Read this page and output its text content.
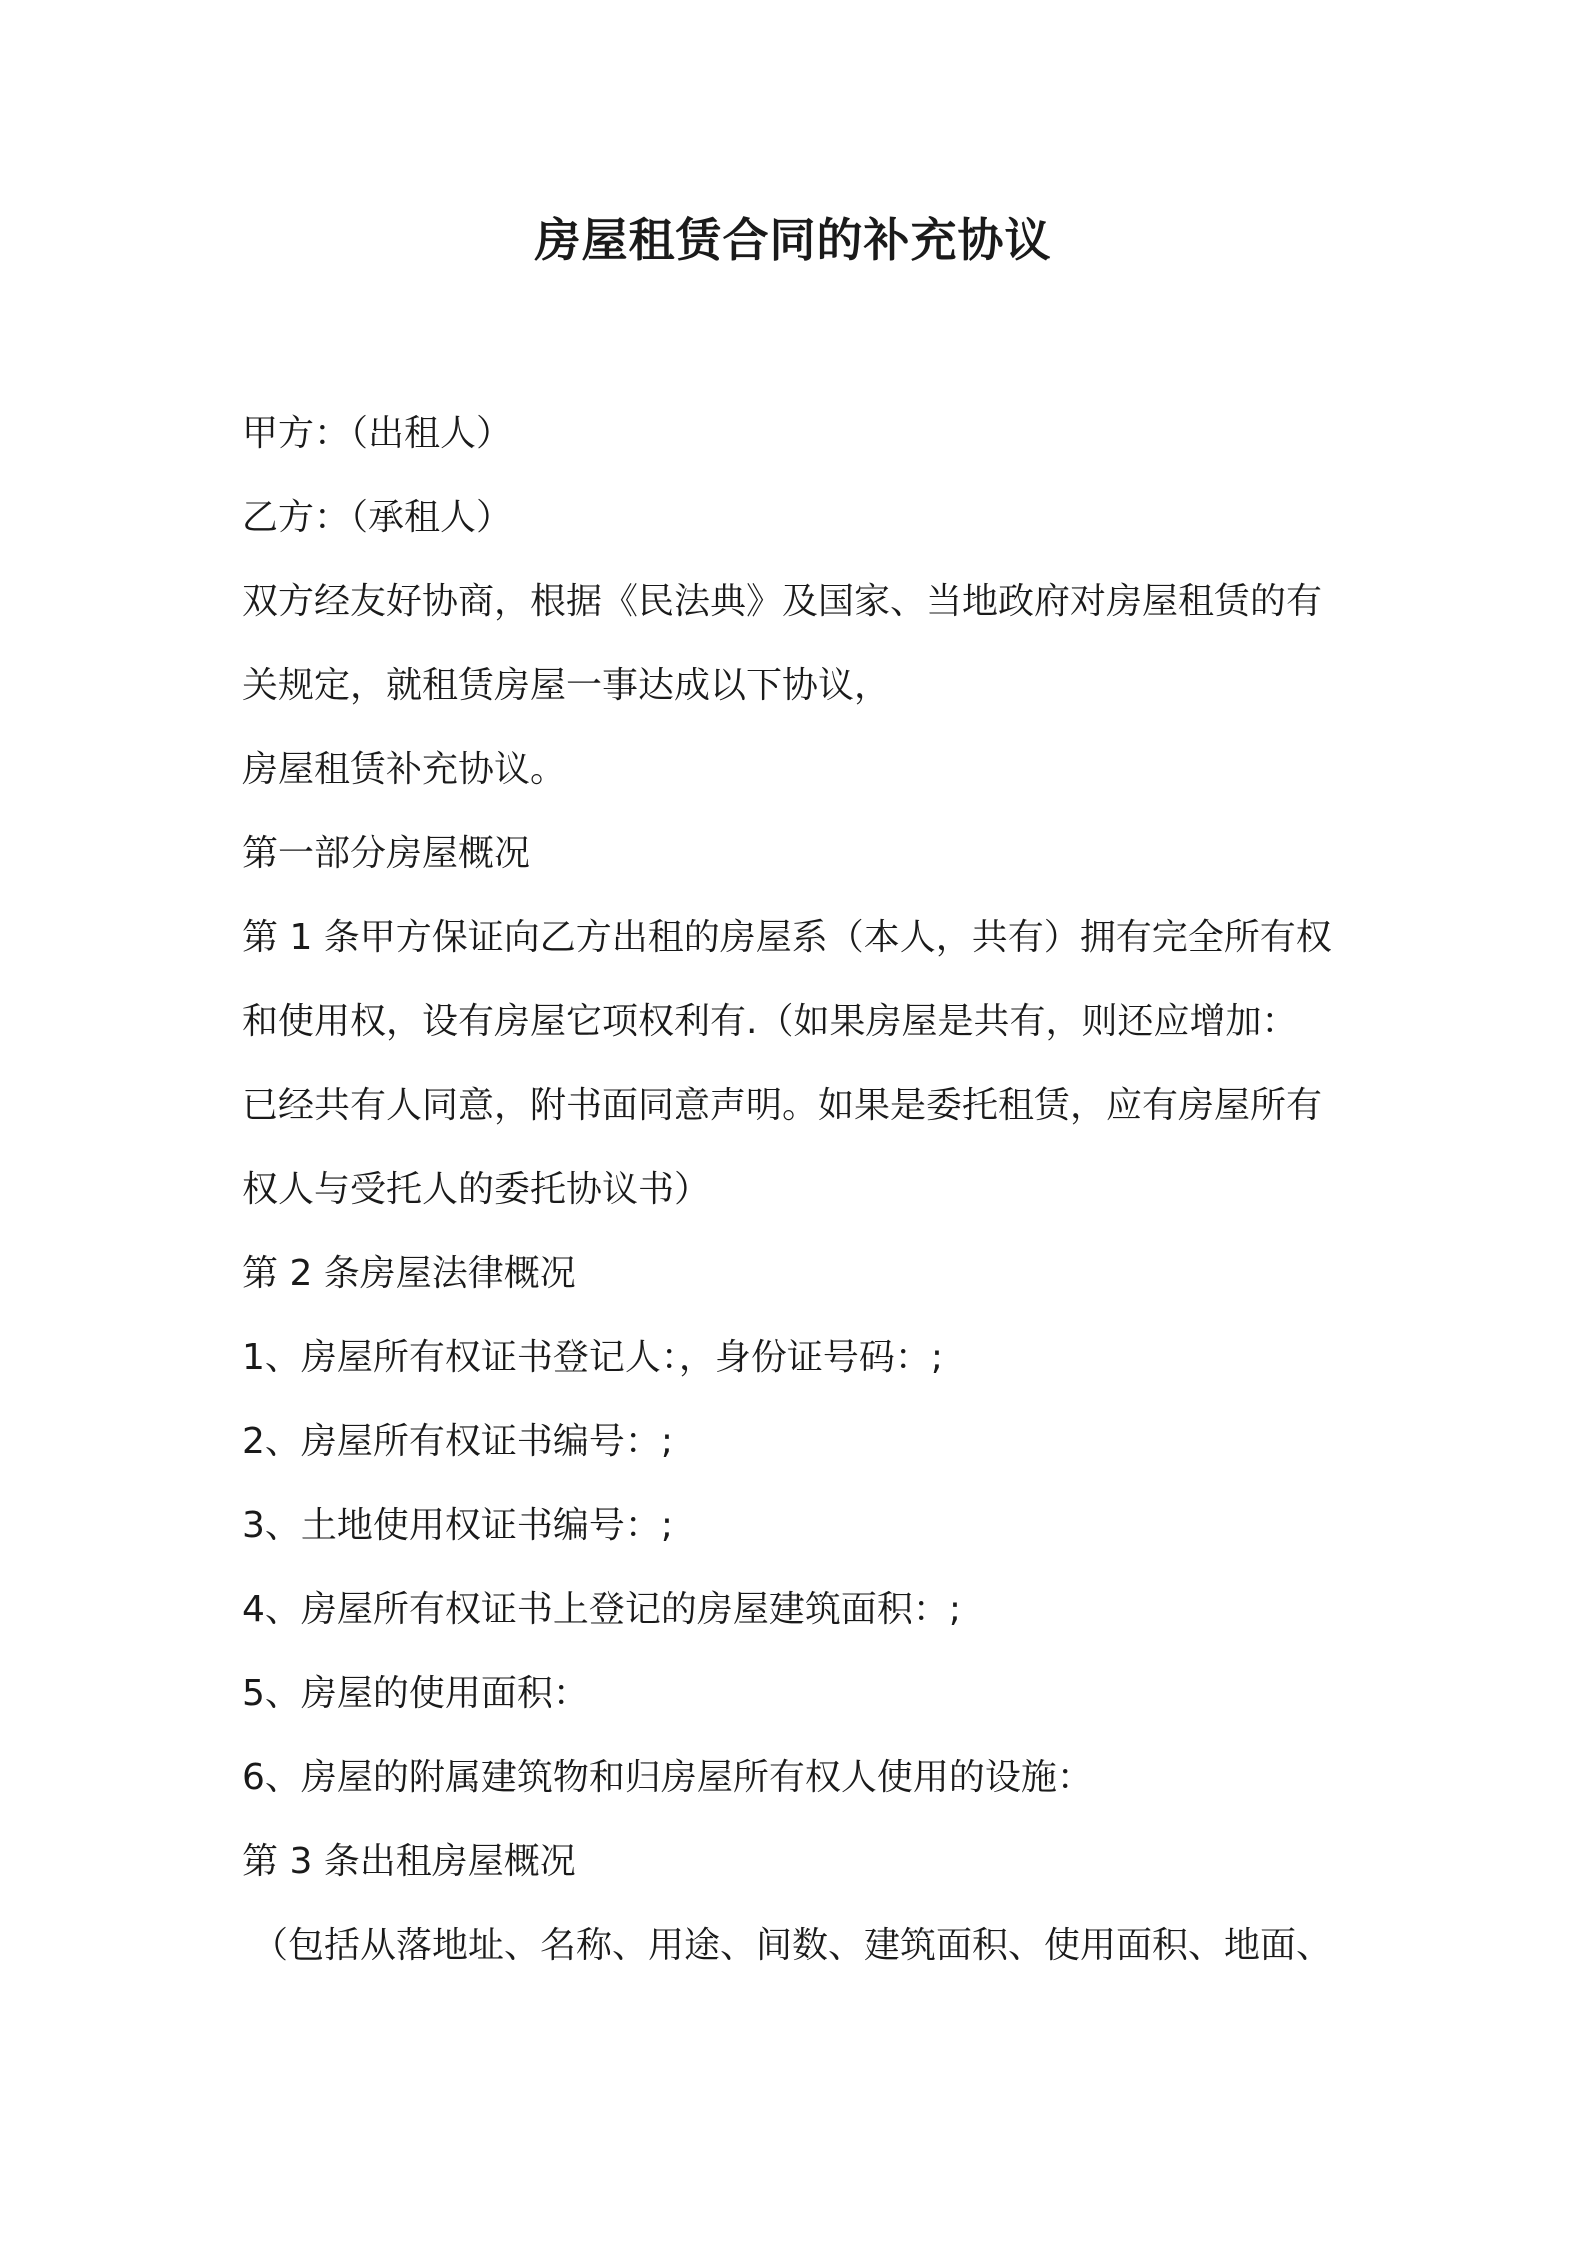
房屋租赁合同的补充协议
甲方：（出租人）
乙方：（承租人）
双方经友好协商，根据《民法典》及国家、当地政府对房屋租赁的有
关规定，就租赁房屋一事达成以下协议，
房屋租赁补充协议。
第一部分房屋概况
第 1 条甲方保证向乙方出租的房屋系（本人，共有）拥有完全所有权
和使用权，设有房屋它项权利有.（如果房屋是共有，则还应增加：
已经共有人同意，附书面同意声明。如果是委托租赁，应有房屋所有
权人与受托人的委托协议书）
第 2 条房屋法律概况
1、房屋所有权证书登记人：，身份证号码：;
2、房屋所有权证书编号：;
3、土地使用权证书编号：;
4、房屋所有权证书上登记的房屋建筑面积：;
5、房屋的使用面积：
6、房屋的附属建筑物和归房屋所有权人使用的设施：
第 3 条出租房屋概况
（包括从落地址、名称、用途、间数、建筑面积、使用面积、地面、
